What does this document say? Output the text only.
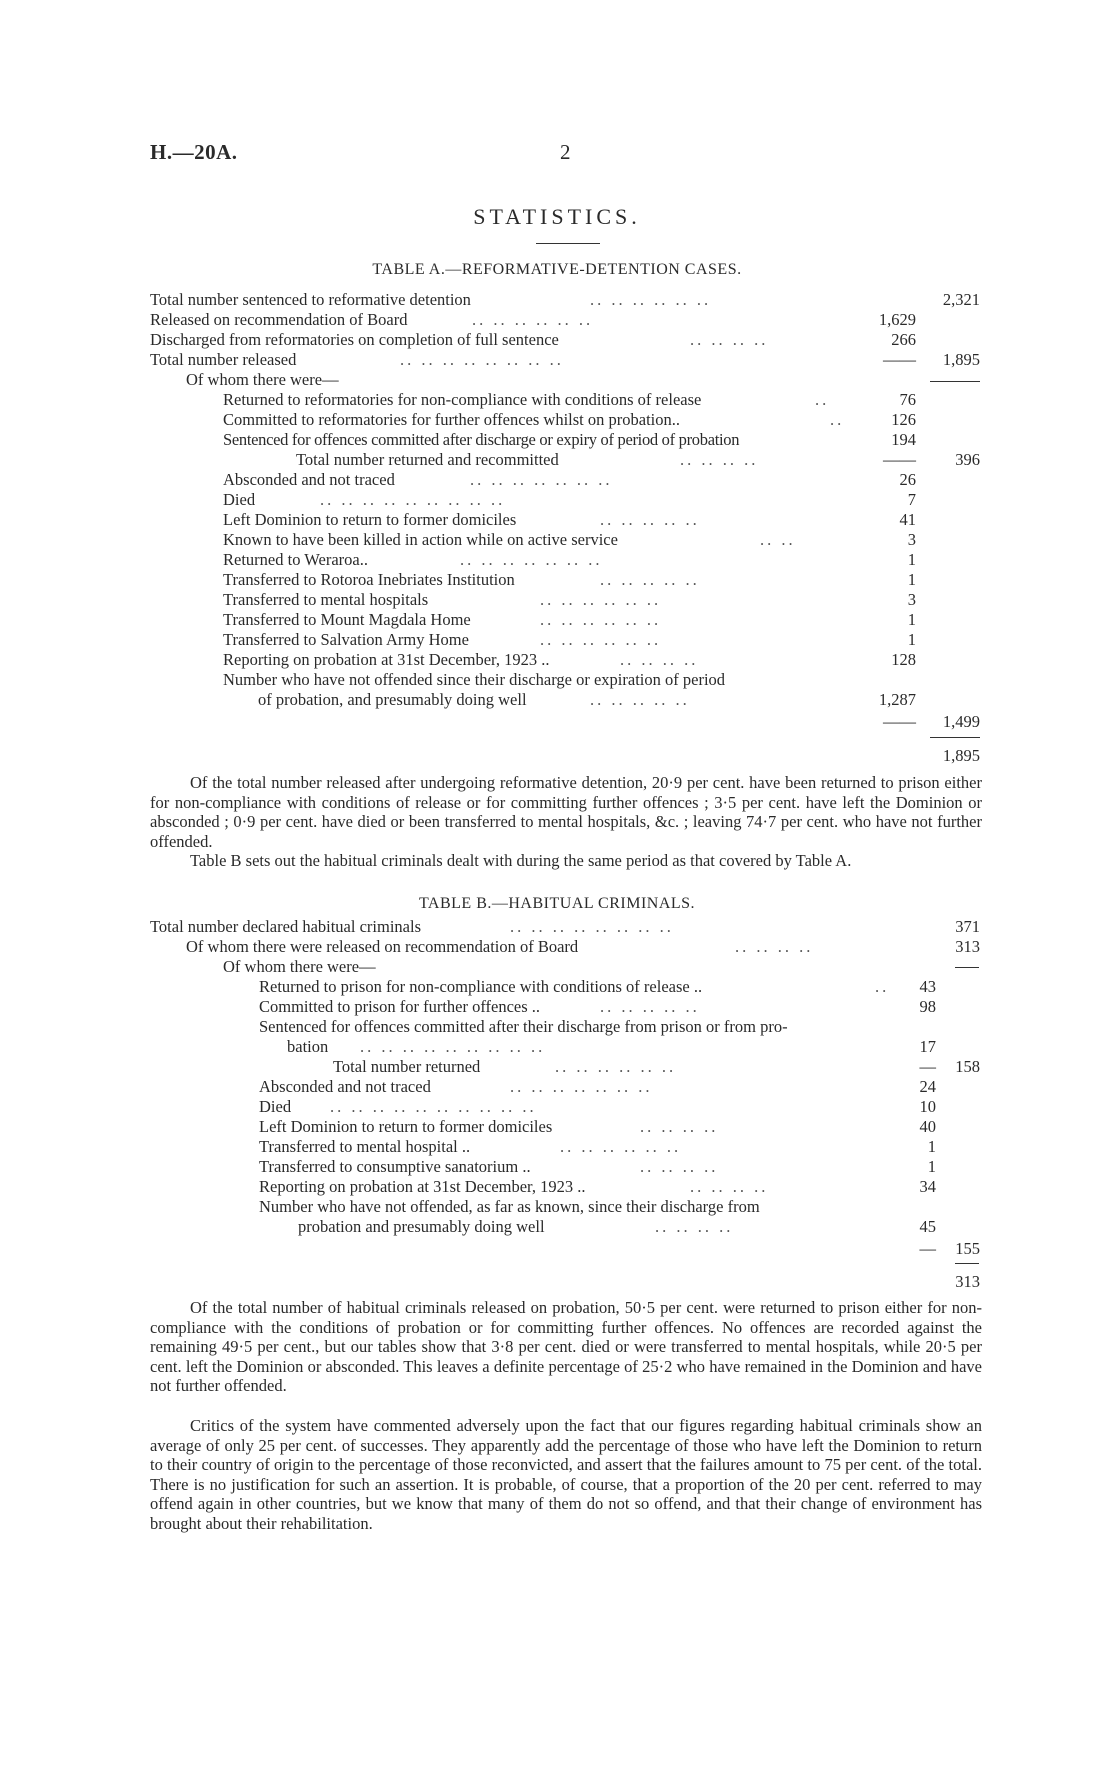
H.—20A.	2
STATISTICS.
TABLE A.—REFORMATIVE-DETENTION CASES.
Total number sentenced to reformative detention	.. .. .. .. .. ..	2,321
Released on recommendation of Board	.. .. .. .. .. ..	1,629
Discharged from reformatories on completion of full sentence	.. .. .. ..	266
Total number released	.. .. .. .. .. .. .. ..	——	1,895
Of whom there were—
Returned to reformatories for non-compliance with conditions of release	..	76
Committed to reformatories for further offences whilst on probation..	..	126
Sentenced for offences committed after discharge or expiry of period of probation	194
Total number returned and recommitted	.. .. .. ..	——	396
Absconded and not traced	.. .. .. .. .. .. ..	26
Died	.. .. .. .. .. .. .. .. ..	7
Left Dominion to return to former domiciles	.. .. .. .. ..	41
Known to have been killed in action while on active service	.. ..	3
Returned to Weraroa..	.. .. .. .. .. .. ..	1
Transferred to Rotoroa Inebriates Institution	.. .. .. .. ..	1
Transferred to mental hospitals	.. .. .. .. .. ..	3
Transferred to Mount Magdala Home	.. .. .. .. .. ..	1
Transferred to Salvation Army Home	.. .. .. .. .. ..	1
Reporting on probation at 31st December, 1923 ..	.. .. .. ..	128
Number who have not offended since their discharge or expiration of period
of probation, and presumably doing well	.. .. .. .. ..	1,287
——	1,499
1,895

Of the total number released after undergoing reformative detention, 20·9 per cent. have been returned to prison either for non-compliance with conditions of release or for committing further offences ; 3·5 per cent. have left the Dominion or absconded ; 0·9 per cent. have died or been transferred to mental hospitals, &c. ; leaving 74·7 per cent. who have not further offended.

Table B sets out the habitual criminals dealt with during the same period as that covered by Table A.

TABLE B.—HABITUAL CRIMINALS.
Total number declared habitual criminals	.. .. .. .. .. .. .. ..	371
Of whom there were released on recommendation of Board	.. .. .. ..	313
Of whom there were—
Returned to prison for non-compliance with conditions of release ..	..	43
Committed to prison for further offences ..	.. .. .. .. ..	98
Sentenced for offences committed after their discharge from prison or from pro-
bation .. .. .. .. .. .. .. .. ..	17
Total number returned	.. .. .. .. .. ..	—	158
Absconded and not traced	.. .. .. .. .. .. ..	24
Died .. .. .. .. .. .. .. .. .. ..	10
Left Dominion to return to former domiciles	.. .. .. ..	40
Transferred to mental hospital ..	.. .. .. .. .. ..	1
Transferred to consumptive sanatorium ..	.. .. .. ..	1
Reporting on probation at 31st December, 1923 ..	.. .. .. ..	34
Number who have not offended, as far as known, since their discharge from
probation and presumably doing well	.. .. .. ..	45
—	155
313

Of the total number of habitual criminals released on probation, 50·5 per cent. were returned to prison either for non-compliance with the conditions of probation or for committing further offences. No offences are recorded against the remaining 49·5 per cent., but our tables show that 3·8 per cent. died or were transferred to mental hospitals, while 20·5 per cent. left the Dominion or absconded. This leaves a definite percentage of 25·2 who have remained in the Dominion and have not further offended.

Critics of the system have commented adversely upon the fact that our figures regarding habitual criminals show an average of only 25 per cent. of successes. They apparently add the percentage of those who have left the Dominion to return to their country of origin to the percentage of those reconvicted, and assert that the failures amount to 75 per cent. of the total. There is no justification for such an assertion. It is probable, of course, that a proportion of the 20 per cent. referred to may offend again in other countries, but we know that many of them do not so offend, and that their change of environment has brought about their rehabilitation.
